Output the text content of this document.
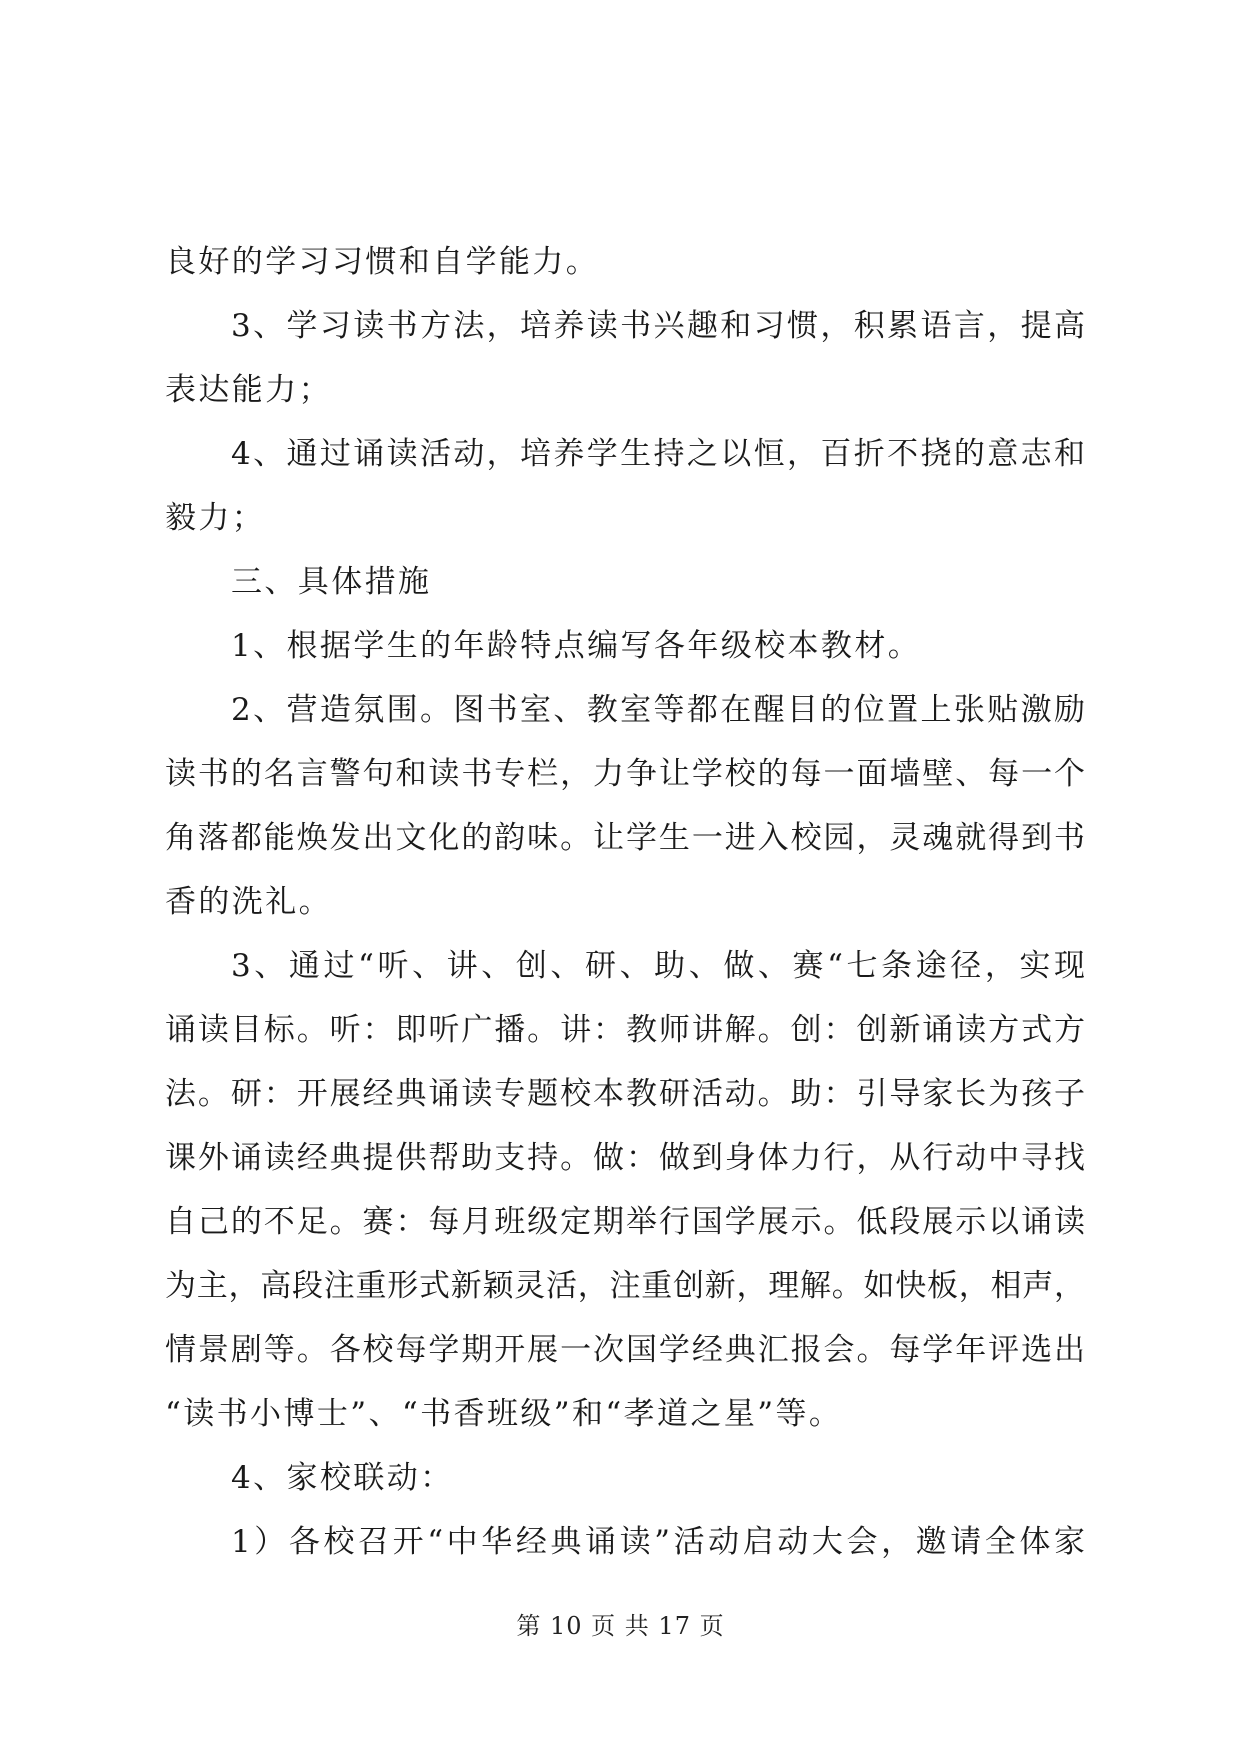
良好的学习习惯和自学能力。
3、学习读书方法，培养读书兴趣和习惯，积累语言，提高
表达能力；
4、通过诵读活动，培养学生持之以恒，百折不挠的意志和
毅力；
三、具体措施
1、根据学生的年龄特点编写各年级校本教材。
2、营造氛围。图书室、教室等都在醒目的位置上张贴激励
读书的名言警句和读书专栏，力争让学校的每一面墙壁、每一个
角落都能焕发出文化的韵味。让学生一进入校园，灵魂就得到书
香的洗礼。
3、通过“听、讲、创、研、助、做、赛“七条途径，实现
诵读目标。听：即听广播。讲：教师讲解。创：创新诵读方式方
法。研：开展经典诵读专题校本教研活动。助：引导家长为孩子
课外诵读经典提供帮助支持。做：做到身体力行，从行动中寻找
自己的不足。赛：每月班级定期举行国学展示。低段展示以诵读
为主，高段注重形式新颖灵活，注重创新，理解。如快板，相声，
情景剧等。各校每学期开展一次国学经典汇报会。每学年评选出
“读书小博士”、“书香班级”和“孝道之星”等。
4、家校联动：
1）各校召开“中华经典诵读”活动启动大会，邀请全体家
第 10 页 共 17 页
